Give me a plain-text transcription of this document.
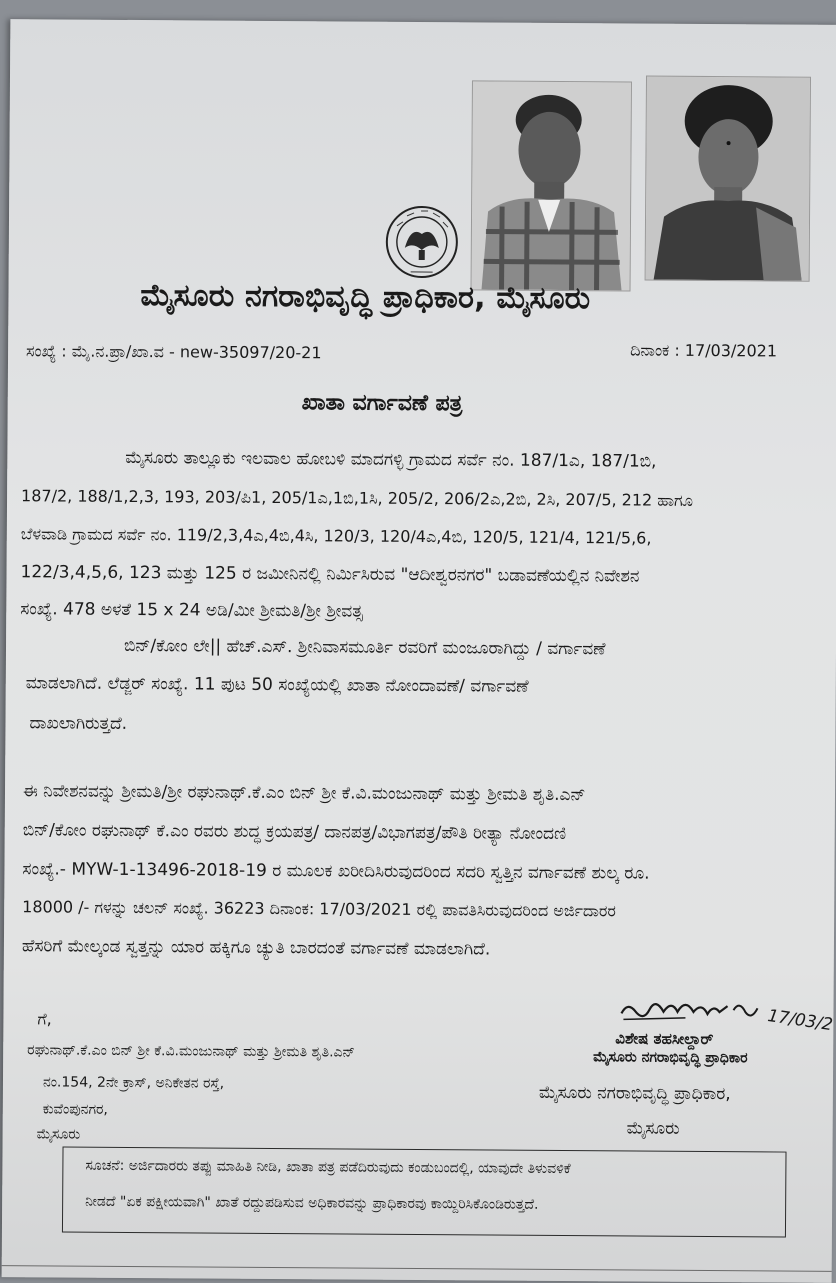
ಮೈಸೂರು ನಗರಾಭಿವೃದ್ಧಿ ಪ್ರಾಧಿಕಾರ, ಮೈಸೂರು
ಸಂಖ್ಯೆ : ಮೈ.ನ.ಪ್ರಾ/ಖಾ.ವ - new-35097/20-21	ದಿನಾಂಕ : 17/03/2021
ಖಾತಾ ವರ್ಗಾವಣೆ ಪತ್ರ
ಮೈಸೂರು ತಾಲ್ಲೂಕು ಇಲವಾಲ ಹೋಬಳಿ ಮಾದಗಳ್ಳಿ ಗ್ರಾಮದ ಸರ್ವೆ ನಂ. 187/1ಎ, 187/1ಬಿ,
187/2, 188/1,2,3, 193, 203/ಪಿ1, 205/1ಎ,1ಬಿ,1ಸಿ, 205/2, 206/2ಎ,2ಬಿ, 2ಸಿ, 207/5, 212 ಹಾಗೂ
ಬೆಳವಾಡಿ ಗ್ರಾಮದ ಸರ್ವೆ ನಂ. 119/2,3,4ಎ,4ಬಿ,4ಸಿ, 120/3, 120/4ಎ,4ಬಿ, 120/5, 121/4, 121/5,6,
122/3,4,5,6, 123 ಮತ್ತು 125 ರ ಜಮೀನಿನಲ್ಲಿ ನಿರ್ಮಿಸಿರುವ "ಆದೀಶ್ವರನಗರ" ಬಡಾವಣೆಯಲ್ಲಿನ ನಿವೇಶನ
ಸಂಖ್ಯೆ. 478 ಅಳತೆ 15 x 24 ಅಡಿ/ಮೀ ಶ್ರೀಮತಿ/ಶ್ರೀ ಶ್ರೀವತ್ಸ
ಬಿನ್/ಕೋಂ ಲೇ|| ಹೆಚ್.ಎಸ್. ಶ್ರೀನಿವಾಸಮೂರ್ತಿ ರವರಿಗೆ ಮಂಜೂರಾಗಿದ್ದು / ವರ್ಗಾವಣೆ
ಮಾಡಲಾಗಿದೆ. ಲೆಡ್ಜರ್ ಸಂಖ್ಯೆ. 11 ಪುಟ 50 ಸಂಖ್ಯೆಯಲ್ಲಿ ಖಾತಾ ನೋಂದಾವಣೆ/ ವರ್ಗಾವಣೆ
ದಾಖಲಾಗಿರುತ್ತದೆ.
ಈ ನಿವೇಶನವನ್ನು ಶ್ರೀಮತಿ/ಶ್ರೀ ರಘುನಾಥ್.ಕೆ.ಎಂ ಬಿನ್ ಶ್ರೀ ಕೆ.ವಿ.ಮಂಜುನಾಥ್ ಮತ್ತು ಶ್ರೀಮತಿ ಶೃತಿ.ಎನ್
ಬಿನ್/ಕೋಂ ರಘುನಾಥ್ ಕೆ.ಎಂ ರವರು ಶುದ್ಧ ಕ್ರಯಪತ್ರ/ ದಾನಪತ್ರ/ವಿಭಾಗಪತ್ರ/ಪೌತಿ ರೀತ್ಯಾ ನೋಂದಣಿ
ಸಂಖ್ಯೆ.- MYW-1-13496-2018-19 ರ ಮೂಲಕ ಖರೀದಿಸಿರುವುದರಿಂದ ಸದರಿ ಸ್ವತ್ತಿನ ವರ್ಗಾವಣೆ ಶುಲ್ಕ ರೂ.
18000 /- ಗಳನ್ನು ಚಲನ್ ಸಂಖ್ಯೆ. 36223 ದಿನಾಂಕ: 17/03/2021 ರಲ್ಲಿ ಪಾವತಿಸಿರುವುದರಿಂದ ಅರ್ಜಿದಾರರ
ಹೆಸರಿಗೆ ಮೇಲ್ಕಂಡ ಸ್ವತ್ತನ್ನು ಯಾರ ಹಕ್ಕಿಗೂ ಚ್ಯುತಿ ಬಾರದಂತೆ ವರ್ಗಾವಣೆ ಮಾಡಲಾಗಿದೆ.
ಗೆ,
ರಘುನಾಥ್.ಕೆ.ಎಂ ಬಿನ್ ಶ್ರೀ ಕೆ.ವಿ.ಮಂಜುನಾಥ್ ಮತ್ತು ಶ್ರೀಮತಿ ಶೃತಿ.ಎನ್
ನಂ.154, 2ನೇ ಕ್ರಾಸ್, ಅನಿಕೇತನ ರಸ್ತೆ,
ಕುವೆಂಪುನಗರ,
ಮೈಸೂರು
17/03/2
ವಿಶೇಷ ತಹಸೀಲ್ದಾರ್
ಮೈಸೂರು ನಗರಾಭಿವೃದ್ಧಿ ಪ್ರಾಧಿಕಾರ
ಮೈಸೂರು ನಗರಾಭಿವೃದ್ಧಿ ಪ್ರಾಧಿಕಾರ,
ಮೈಸೂರು
ಸೂಚನೆ: ಅರ್ಜಿದಾರರು ತಪ್ಪು ಮಾಹಿತಿ ನೀಡಿ, ಖಾತಾ ಪತ್ರ ಪಡೆದಿರುವುದು ಕಂಡುಬಂದಲ್ಲಿ, ಯಾವುದೇ ತಿಳುವಳಿಕೆ
ನೀಡದೆ "ಏಕ ಪಕ್ಷೀಯವಾಗಿ" ಖಾತೆ ರದ್ದುಪಡಿಸುವ ಅಧಿಕಾರವನ್ನು ಪ್ರಾಧಿಕಾರವು ಕಾಯ್ದಿರಿಸಿಕೊಂಡಿರುತ್ತದೆ.
